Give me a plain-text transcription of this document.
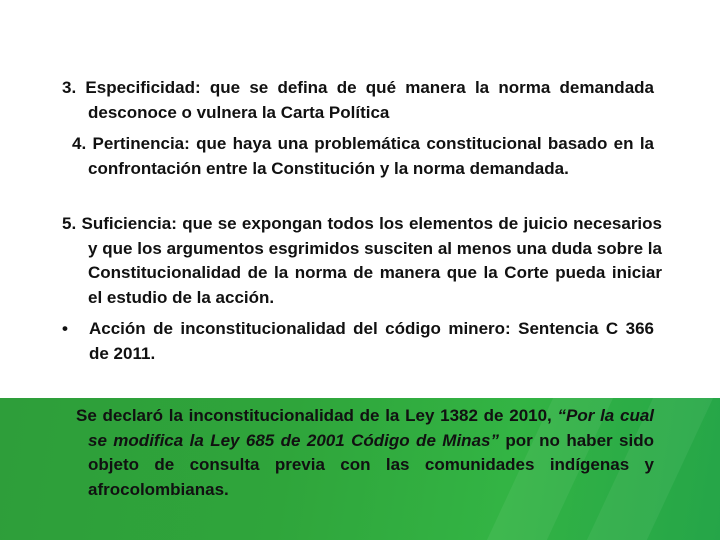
3. Especificidad: que se defina de qué manera la norma demandada desconoce o vulnera la Carta Política
4. Pertinencia: que haya una problemática constitucional basado en la confrontación entre la Constitución y la norma demandada.
5. Suficiencia: que se expongan todos los elementos de juicio necesarios y que los argumentos esgrimidos susciten al menos una duda sobre la Constitucionalidad de la norma de manera que la Corte pueda iniciar el estudio de la acción.
• Acción de inconstitucionalidad del código minero: Sentencia C 366 de 2011.
Se declaró la inconstitucionalidad de la Ley 1382 de 2010, “Por la cual se modifica la Ley 685 de 2001 Código de Minas” por no haber sido objeto de consulta previa con las comunidades indígenas y afrocolombianas.
